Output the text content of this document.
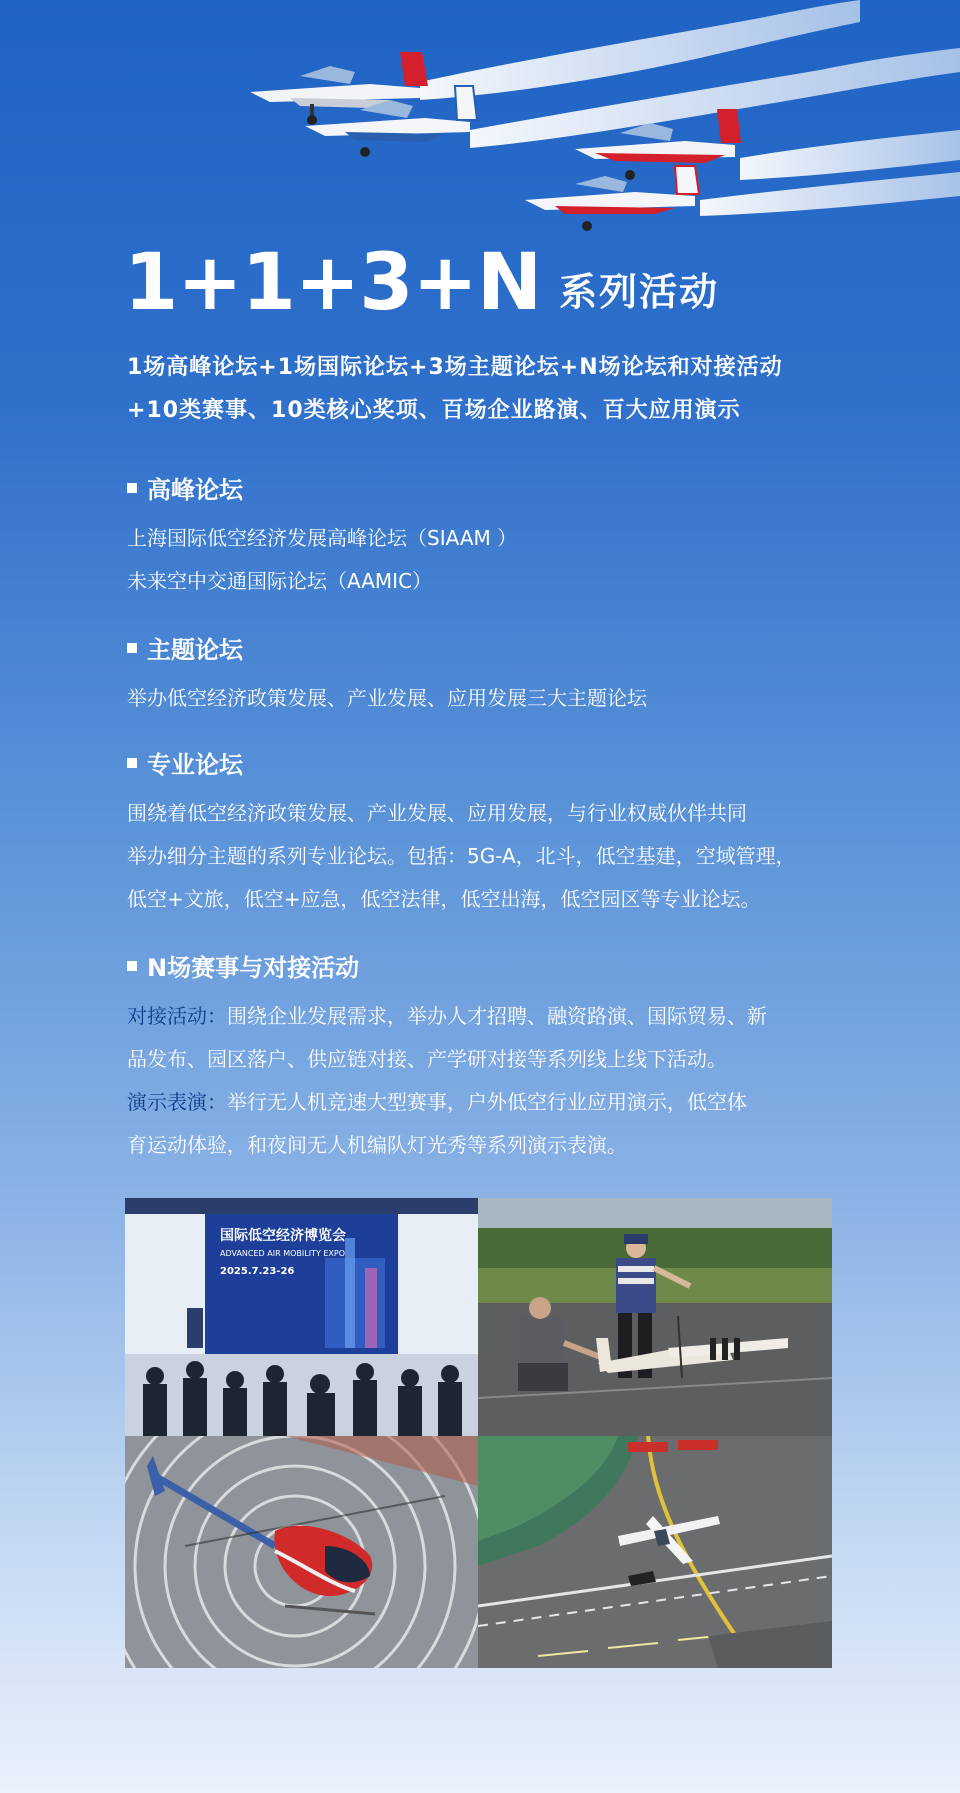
1+1+3+N 系列活动
1场高峰论坛+1场国际论坛+3场主题论坛+N场论坛和对接活动
+10类赛事、10类核心奖项、百场企业路演、百大应用演示
高峰论坛
上海国际低空经济发展高峰论坛（SIAAM ）
未来空中交通国际论坛（AAMIC）
主题论坛
举办低空经济政策发展、产业发展、应用发展三大主题论坛
专业论坛
围绕着低空经济政策发展、产业发展、应用发展，与行业权威伙伴共同
举办细分主题的系列专业论坛。包括：5G-A，北斗，低空基建，空域管理，
低空+文旅，低空+应急，低空法律，低空出海，低空园区等专业论坛。
N场赛事与对接活动
对接活动：围绕企业发展需求，举办人才招聘、融资路演、国际贸易、新
品发布、园区落户、供应链对接、产学研对接等系列线上线下活动。
演示表演：举行无人机竞速大型赛事，户外低空行业应用演示，低空体
育运动体验，和夜间无人机编队灯光秀等系列演示表演。
国际低空经济博览会
ADVANCED AIR MOBILITY EXPO
2025.7.23-26
